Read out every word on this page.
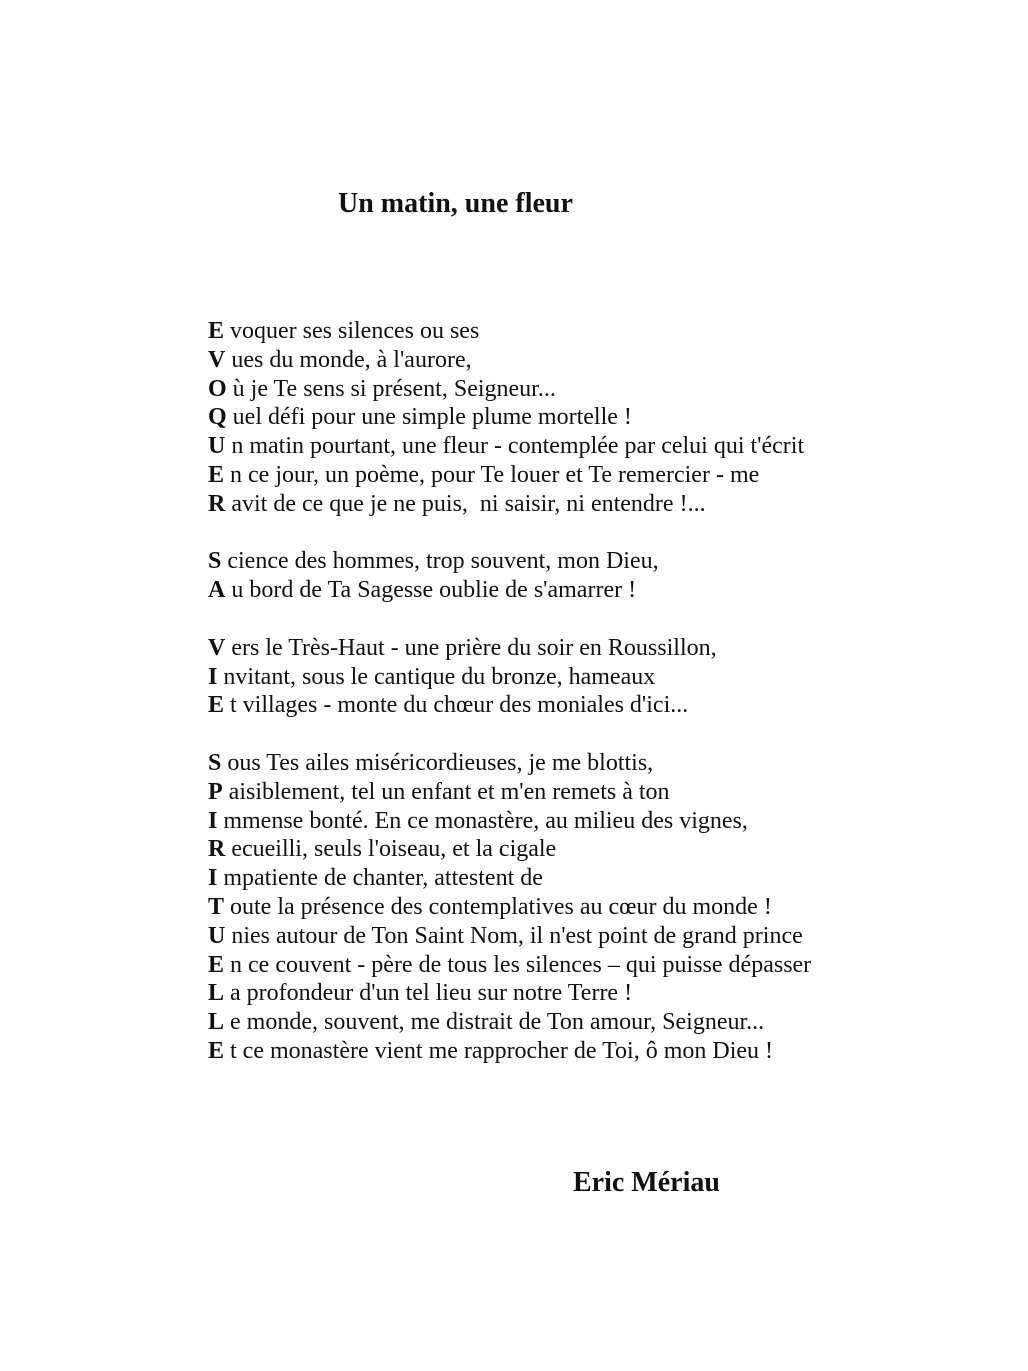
Un matin, une fleur
E voquer ses silences ou ses
V ues du monde, à l'aurore,
O ù je Te sens si présent, Seigneur...
Q uel défi pour une simple plume mortelle !
U n matin pourtant, une fleur - contemplée par celui qui t'écrit
E n ce jour, un poème, pour Te louer et Te remercier - me
R avit de ce que je ne puis,  ni saisir, ni entendre !...
S cience des hommes, trop souvent, mon Dieu,
A u bord de Ta Sagesse oublie de s'amarrer !
V ers le Très-Haut - une prière du soir en Roussillon,
I nvitant, sous le cantique du bronze, hameaux
E t villages - monte du chœur des moniales d'ici...
S ous Tes ailes miséricordieuses, je me blottis,
P aisiblement, tel un enfant et m'en remets à ton
I mmense bonté. En ce monastère, au milieu des vignes,
R ecueilli, seuls l'oiseau, et la cigale
I mpatiente de chanter, attestent de
T oute la présence des contemplatives au cœur du monde !
U nies autour de Ton Saint Nom, il n'est point de grand prince
E n ce couvent - père de tous les silences – qui puisse dépasser
L a profondeur d'un tel lieu sur notre Terre !
L e monde, souvent, me distrait de Ton amour, Seigneur...
E t ce monastère vient me rapprocher de Toi, ô mon Dieu !
Eric Mériau
